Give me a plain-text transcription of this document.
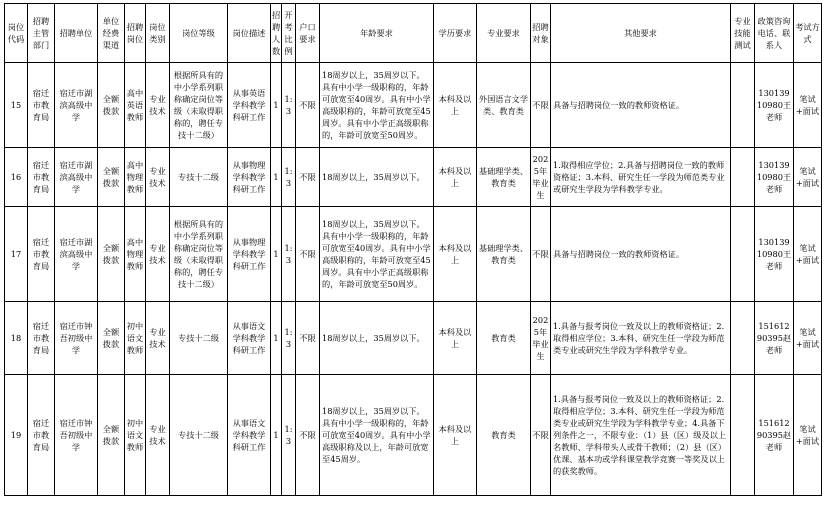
岗位代码	招聘主管部门	招聘单位	单位经费渠道	招聘岗位	岗位类别	岗位等级	岗位描述	招聘人数	开考比例	户口要求	年龄要求	学历要求	专业要求	招聘对象	其他要求	专业技能测试	政策咨询电话、联系人	考试方式
15	宿迁市教育局	宿迁市湖滨高级中学	全额拨款	高中英语教师	专业技术	根据所具有的中小学系列职称确定岗位等级（未取得职称的，聘任专技十二级）	从事英语学科教学科研工作	1	1:3	不限	18周岁以上，35周岁以下。具有中小学一级职称的，年龄可放宽至40周岁。具有中小学高级职称的，年龄可放宽至45周岁。具有中小学正高级职称的，年龄可放宽至50周岁。	本科及以上	外国语言文学类、教育类	不限	具备与招聘岗位一致的教师资格证。		13013910980王老师	笔试+面试
16	宿迁市教育局	宿迁市湖滨高级中学	全额拨款	高中物理教师	专业技术	专技十二级	从事物理学科教学科研工作	1	1:3	不限	18周岁以上，35周岁以下。	本科及以上	基础理学类、教育类	2025年毕业生	1.取得相应学位；2.具备与招聘岗位一致的教师资格证；3.本科、研究生任一学段为师范类专业或研究生学段为学科教学专业。		13013910980王老师	笔试+面试
17	宿迁市教育局	宿迁市湖滨高级中学	全额拨款	高中物理教师	专业技术	根据所具有的中小学系列职称确定岗位等级（未取得职称的，聘任专技十二级）	从事物理学科教学科研工作	1	1:3	不限	18周岁以上，35周岁以下。具有中小学一级职称的，年龄可放宽至40周岁。具有中小学高级职称的，年龄可放宽至45周岁。具有中小学正高级职称的，年龄可放宽至50周岁。	本科及以上	基础理学类、教育类	不限	具备与招聘岗位一致的教师资格证。		13013910980王老师	笔试+面试
18	宿迁市教育局	宿迁市钟吾初级中学	全额拨款	初中语文教师	专业技术	专技十二级	从事语文学科教学科研工作	1	1:3	不限	18周岁以上，35周岁以下。	本科及以上	教育类	2025年毕业生	1.具备与报考岗位一致及以上的教师资格证；2.取得相应学位；3.本科、研究生任一学段为师范类专业或研究生学段为学科教学专业。		15161290395赵老师	笔试+面试
19	宿迁市教育局	宿迁市钟吾初级中学	全额拨款	初中语文教师	专业技术	专技十二级	从事语文学科教学科研工作	1	1:3	不限	18周岁以上，35周岁以下。具有中小学一级职称的，年龄可放宽至40周岁。具有中小学高级职称及以上，年龄可放宽至45周岁。	本科及以上	教育类	不限	1.具备与报考岗位一致及以上的教师资格证；2.取得相应学位；3.本科、研究生任一学段为师范类专业或研究生学段为学科教学专业；4.具备下列条件之一，不限专业：（1）县（区）级及以上名教师、学科带头人或骨干教师；（2）县（区）优课、基本功或学科课堂教学竞赛一等奖及以上的获奖教师。		15161290395赵老师	笔试+面试
